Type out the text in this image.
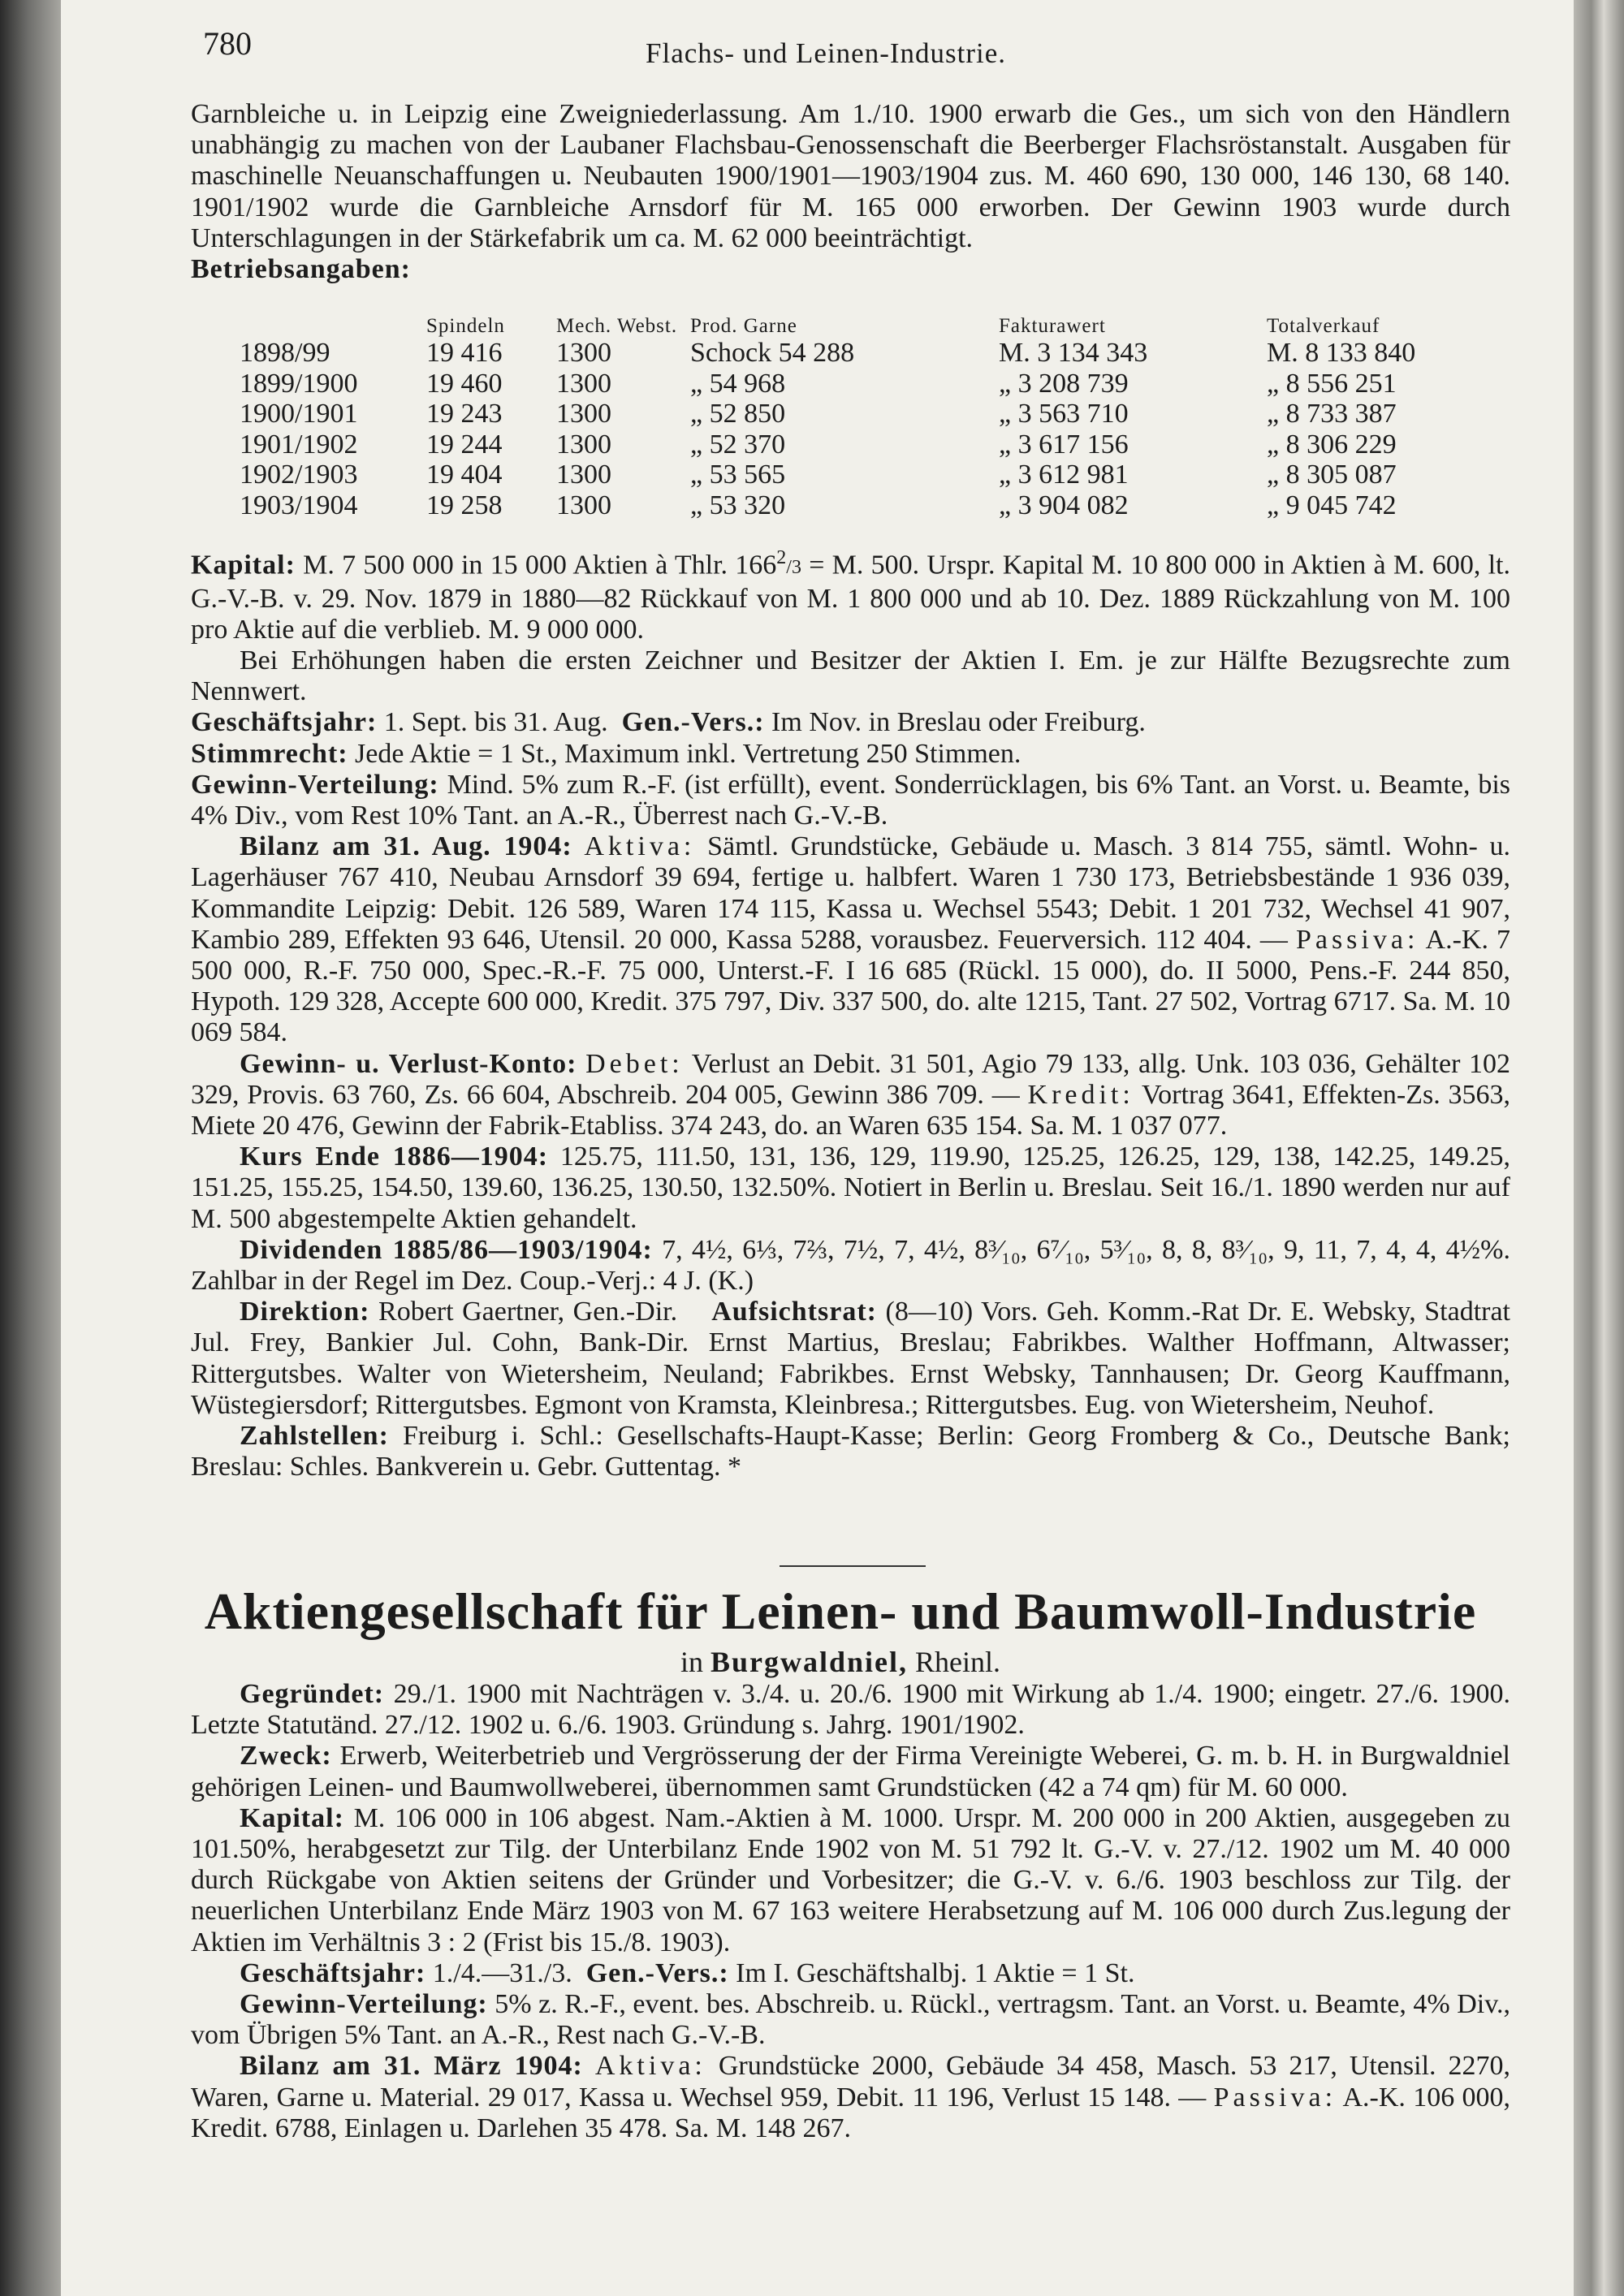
780	Flachs- und Leinen-Industrie.

Garnbleiche u. in Leipzig eine Zweigniederlassung. Am 1./10. 1900 erwarb die Ges., um sich von den Händlern unabhängig zu machen von der Laubaner Flachsbau-Genossenschaft die Beerberger Flachsröstanstalt. Ausgaben für maschinelle Neuanschaffungen u. Neubauten 1900/1901—1903/1904 zus. M. 460 690, 130 000, 146 130, 68 140. 1901/1902 wurde die Garnbleiche Arnsdorf für M. 165 000 erworben. Der Gewinn 1903 wurde durch Unterschlagungen in der Stärkefabrik um ca. M. 62 000 beeinträchtigt.

Betriebsangaben:

	Spindeln	Mech. Webst.	Prod. Garne	Fakturawert	Totalverkauf
1898/99	19 416	1300	Schock 54 288	M. 3 134 343	M. 8 133 840
1899/1900	19 460	1300	„ 54 968	„ 3 208 739	„ 8 556 251
1900/1901	19 243	1300	„ 52 850	„ 3 563 710	„ 8 733 387
1901/1902	19 244	1300	„ 52 370	„ 3 617 156	„ 8 306 229
1902/1903	19 404	1300	„ 53 565	„ 3 612 981	„ 8 305 087
1903/1904	19 258	1300	„ 53 320	„ 3 904 082	„ 9 045 742

Kapital: M. 7 500 000 in 15 000 Aktien à Thlr. $166^2/3 = M$. 500. Urspr. Kapital M. 10 800 000 in Aktien à M. 600, lt. G.-V.-B. v. 29. Nov. 1879 in 1880—82 Rückkauf von M. 1 800 000 und ab 10. Dez. 1889 Rückzahlung von M. 100 pro Aktie auf die verblieb. M. 9 000 000.

Bei Erhöhungen haben die ersten Zeichner und Besitzer der Aktien I. Em. je zur Hälfte Bezugsrechte zum Nennwert.

Geschäftsjahr: 1. Sept. bis 31. Aug. Gen.-Vers.: Im Nov. in Breslau oder Freiburg.

Stimmrecht: Jede Aktie = 1 St., Maximum inkl. Vertretung 250 Stimmen.

Gewinn-Verteilung: Mind. 5% zum R.-F. (ist erfüllt), event. Sonderrücklagen, bis 6% Tant. an Vorst. u. Beamte, bis 4% Div., vom Rest 10% Tant. an A.-R., Überrest nach G.-V.-B.

Bilanz am 31. Aug. 1904: Aktiva: Sämtl. Grundstücke, Gebäude u. Masch. 3 814 755, sämtl. Wohn- u. Lagerhäuser 767 410, Neubau Arnsdorf 39 694, fertige u. halbfert. Waren 1 730 173, Betriebsbestände 1 936 039, Kommandite Leipzig: Debit. 126 589, Waren 174 115, Kassa u. Wechsel 5543; Debit. 1 201 732, Wechsel 41 907, Kambio 289, Effekten 93 646, Utensil. 20 000, Kassa 5288, vorausbez. Feuerversich. 112 404. — Passiva: A.-K. 7 500 000, R.-F. 750 000, Spec.-R.-F. 75 000, Unterst.-F. I 16 685 (Rückl. 15 000), do. II 5000, Pens.-F. 244 850, Hypoth. 129 328, Accepte 600 000, Kredit. 375 797, Div. 337 500, do. alte 1215, Tant. 27 502, Vortrag 6717. Sa. M. 10 069 584.

Gewinn- u. Verlust-Konto: Debet: Verlust an Debit. 31 501, Agio 79 133, allg. Unk. 103 036, Gehälter 102 329, Provis. 63 760, Zs. 66 604, Abschreib. 204 005, Gewinn 386 709. — Kredit: Vortrag 3641, Effekten-Zs. 3563, Miete 20 476, Gewinn der Fabrik-Etabliss. 374 243, do. an Waren 635 154. Sa. M. 1 037 077.

Kurs Ende 1886—1904: 125.75, 111.50, 131, 136, 129, 119.90, 125.25, 126.25, 129, 138, 142.25, 149.25, 151.25, 155.25, 154.50, 139.60, 136.25, 130.50, 132.50%. Notiert in Berlin u. Breslau. Seit 16./1. 1890 werden nur auf M. 500 abgestempelte Aktien gehandelt.

Dividenden 1885/86—1903/1904: 7, 4½, 6⅓, 7⅔, 7½, 7, 4½, 8³⁄₁₀, 6⁷⁄₁₀, 5³⁄₁₀, 8, 8, 8³⁄₁₀, 9, 11, 7, 4, 4, 4½%. Zahlbar in der Regel im Dez. Coup.-Verj.: 4 J. (K.)

Direktion: Robert Gaertner, Gen.-Dir. Aufsichtsrat: (8—10) Vors. Geh. Komm.-Rat Dr. E. Websky, Stadtrat Jul. Frey, Bankier Jul. Cohn, Bank-Dir. Ernst Martius, Breslau; Fabrikbes. Walther Hoffmann, Altwasser; Rittergutsbes. Walter von Wietersheim, Neuland; Fabrikbes. Ernst Websky, Tannhausen; Dr. Georg Kauffmann, Wüstegiersdorf; Rittergutsbes. Egmont von Kramsta, Kleinbresa.; Rittergutsbes. Eug. von Wietersheim, Neuhof.

Zahlstellen: Freiburg i. Schl.: Gesellschafts-Haupt-Kasse; Berlin: Georg Fromberg & Co., Deutsche Bank; Breslau: Schles. Bankverein u. Gebr. Guttentag. *

Aktiengesellschaft für Leinen- und Baumwoll-Industrie
in Burgwaldniel, Rheinl.

Gegründet: 29./1. 1900 mit Nachträgen v. 3./4. u. 20./6. 1900 mit Wirkung ab 1./4. 1900; eingetr. 27./6. 1900. Letzte Statutänd. 27./12. 1902 u. 6./6. 1903. Gründung s. Jahrg. 1901/1902.

Zweck: Erwerb, Weiterbetrieb und Vergrösserung der der Firma Vereinigte Weberei, G. m. b. H. in Burgwaldniel gehörigen Leinen- und Baumwollweberei, übernommen samt Grundstücken (42 a 74 qm) für M. 60 000.

Kapital: M. 106 000 in 106 abgest. Nam.-Aktien à M. 1000. Urspr. M. 200 000 in 200 Aktien, ausgegeben zu 101.50%, herabgesetzt zur Tilg. der Unterbilanz Ende 1902 von M. 51 792 lt. G.-V. v. 27./12. 1902 um M. 40 000 durch Rückgabe von Aktien seitens der Gründer und Vorbesitzer; die G.-V. v. 6./6. 1903 beschloss zur Tilg. der neuerlichen Unterbilanz Ende März 1903 von M. 67 163 weitere Herabsetzung auf M. 106 000 durch Zus.legung der Aktien im Verhältnis 3 : 2 (Frist bis 15./8. 1903).

Geschäftsjahr: 1./4.—31./3. Gen.-Vers.: Im I. Geschäftshalbj. 1 Aktie = 1 St.

Gewinn-Verteilung: 5% z. R.-F., event. bes. Abschreib. u. Rückl., vertragsm. Tant. an Vorst. u. Beamte, 4% Div., vom Übrigen 5% Tant. an A.-R., Rest nach G.-V.-B.

Bilanz am 31. März 1904: Aktiva: Grundstücke 2000, Gebäude 34 458, Masch. 53 217, Utensil. 2270, Waren, Garne u. Material. 29 017, Kassa u. Wechsel 959, Debit. 11 196, Verlust 15 148. — Passiva: A.-K. 106 000, Kredit. 6788, Einlagen u. Darlehen 35 478. Sa. M. 148 267.
